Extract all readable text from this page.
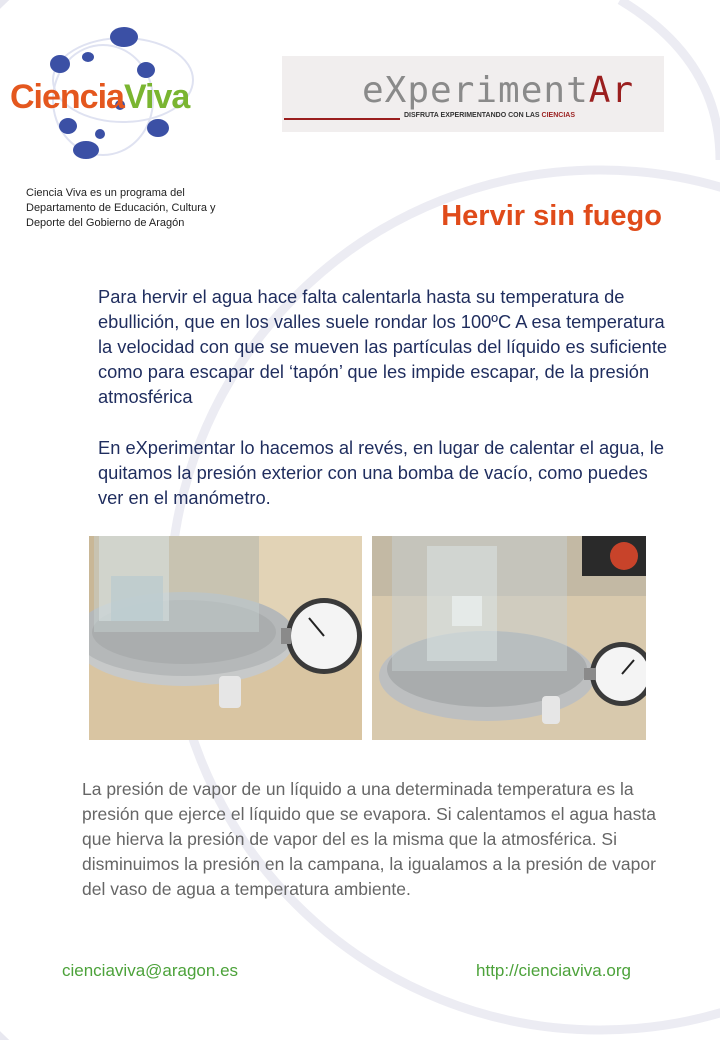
CienciaViva	eXperimentAr
DISFRUTA EXPERIMENTANDO CON LAS CIENCIAS
Ciencia Viva es un programa del Departamento de Educación, Cultura y Deporte del Gobierno de Aragón	Hervir sin fuego
Para hervir el agua hace falta calentarla hasta su temperatura de ebullición, que en los valles suele rondar los 100ºC A esa temperatura la velocidad con que se mueven las partículas del líquido es suficiente como para escapar del ‘tapón’ que les impide escapar, de la presión atmosférica
En eXperimentar lo hacemos al revés, en lugar de calentar el agua, le quitamos la presión exterior con una bomba de vacío, como puedes ver en el manómetro.
La presión de vapor de un líquido a una determinada temperatura es la presión que ejerce el líquido que se evapora. Si calentamos el agua hasta que hierva la presión de vapor del es la misma que la atmosférica. Si disminuimos la presión en la campana, la igualamos a la presión de vapor del vaso de agua a temperatura ambiente.
cienciaviva@aragon.es	http://cienciaviva.org
